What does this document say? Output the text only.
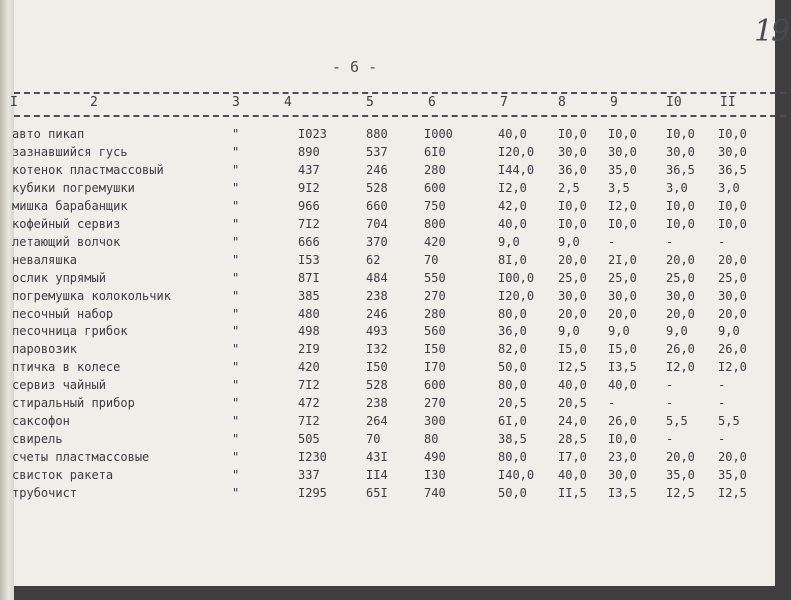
19
- 6 -
I	2	3	4	5	6	7	8	9	I0	II
авто пикап	"	I023	880	I000	40,0	I0,0 I0,0 I0,0 I0,0
зазнавшийся гусь	"	890	537	6I0	I20,0 30,0 30,0 30,0 30,0
котенок пластмассовый	"	437	246	280	I44,0 36,0 35,0 36,5 36,5
кубики погремушки	"	9I2	528	600	I2,0	2,5 3,5	3,0	3,0
мишка барабанщик	"	966	660	750	42,0	I0,0 I2,0 I0,0 I0,0
кофейный сервиз	"	7I2	704	800	40,0	I0,0 I0,0 I0,0 I0,0
летающий волчок	"	666	370	420	9,0	9,0 -	-	-
неваляшка	"	I53	62	70	8I,0	20,0 2I,0 20,0 20,0
ослик упрямый	"	87I	484	550	I00,0 25,0 25,0 25,0 25,0
погремушка колокольчик	"	385	238	270	I20,0 30,0 30,0 30,0 30,0
песочный набор	"	480	246	280	80,0	20,0 20,0 20,0 20,0
песочница грибок	"	498	493	560	36,0	9,0 9,0	9,0	9,0
паровозик	"	2I9	I32	I50	82,0	I5,0 I5,0 26,0 26,0
птичка в колесе	"	420	I50	I70	50,0	I2,5 I3,5 I2,0 I2,0
сервиз чайный	"	7I2	528	600	80,0	40,0 40,0 -	-
стиральный прибор	"	472	238	270	20,5	20,5 -	-	-
саксофон	"	7I2	264	300	6I,0	24,0 26,0 5,5	5,5
свирель	"	505	70	80	38,5	28,5 I0,0 -	-
счеты пластмассовые	"	I230	43I	490	80,0	I7,0 23,0 20,0 20,0
свисток ракета	"	337	II4	I30	I40,0 40,0 30,0 35,0 35,0
трубочист	"	I295	65I	740	50,0	II,5 I3,5 I2,5 I2,5
